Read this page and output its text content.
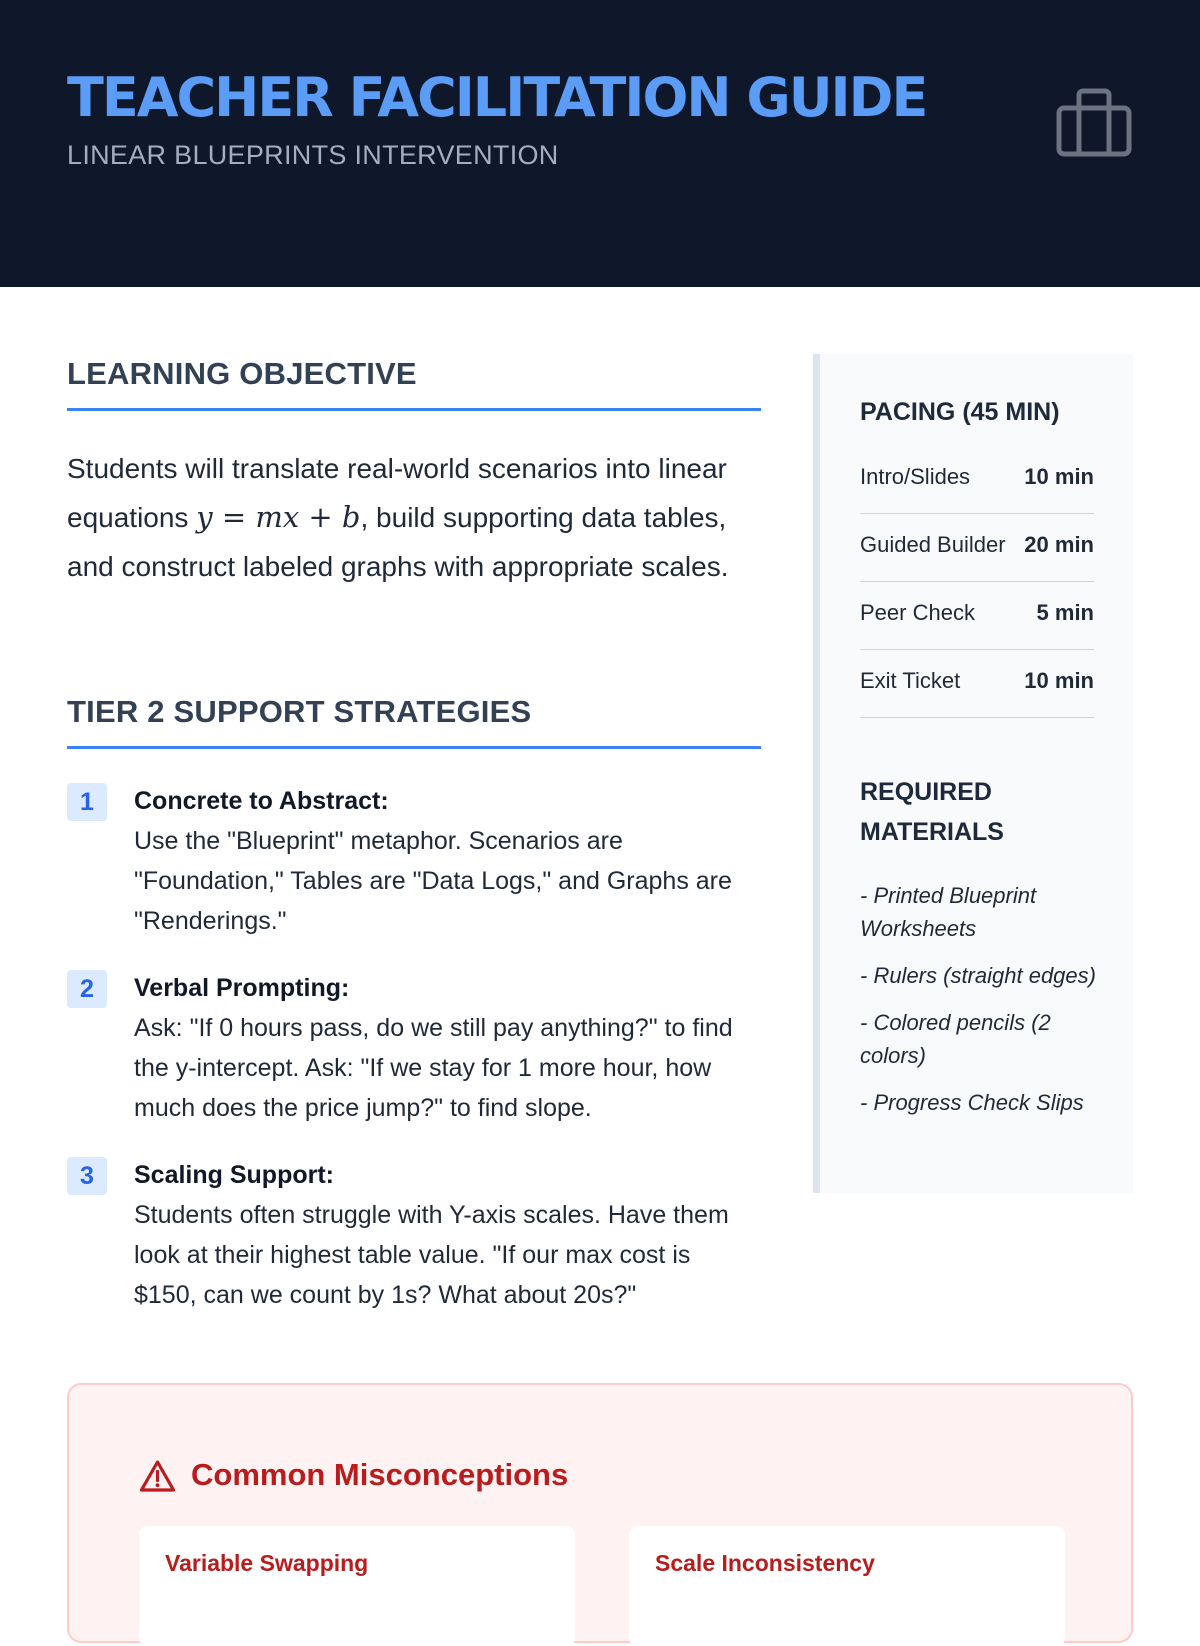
TEACHER FACILITATION GUIDE
LINEAR BLUEPRINTS INTERVENTION
LEARNING OBJECTIVE

Students will translate real-world scenarios into linear equations y = mx + b, build supporting data tables, and construct labeled graphs with appropriate scales.

TIER 2 SUPPORT STRATEGIES
1	Concrete to Abstract:
Use the "Blueprint" metaphor. Scenarios are "Foundation," Tables are "Data Logs," and Graphs are "Renderings."
2	Verbal Prompting:
Ask: "If 0 hours pass, do we still pay anything?" to find the y-intercept. Ask: "If we stay for 1 more hour, how much does the price jump?" to find slope.
3	Scaling Support:
Students often struggle with Y-axis scales. Have them look at their highest table value. "If our max cost is $150, can we count by 1s? What about 20s?"
PACING (45 MIN)
Intro/Slides 10 min
Guided Builder 20 min
Peer Check	5 min
Exit Ticket	10 min
REQUIRED MATERIALS
- Printed Blueprint Worksheets
- Rulers (straight edges)
- Colored pencils (2 colors)
- Progress Check Slips
Common Misconceptions
Variable Swapping	Scale Inconsistency
